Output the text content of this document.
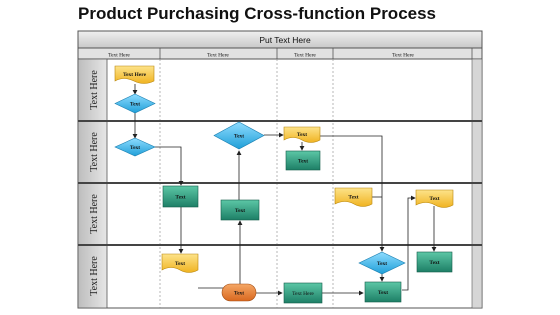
Product Purchasing Cross-function Process
Put Text Here
Text Here	Text Here	Text Here	Text Here
Text Here
Text Here
Text Here
Text Here
Text Here
Text
Text
Text	Text
Text
Text
Text
Text	Text
Text	Text	Text
Text	Text Here	Text
